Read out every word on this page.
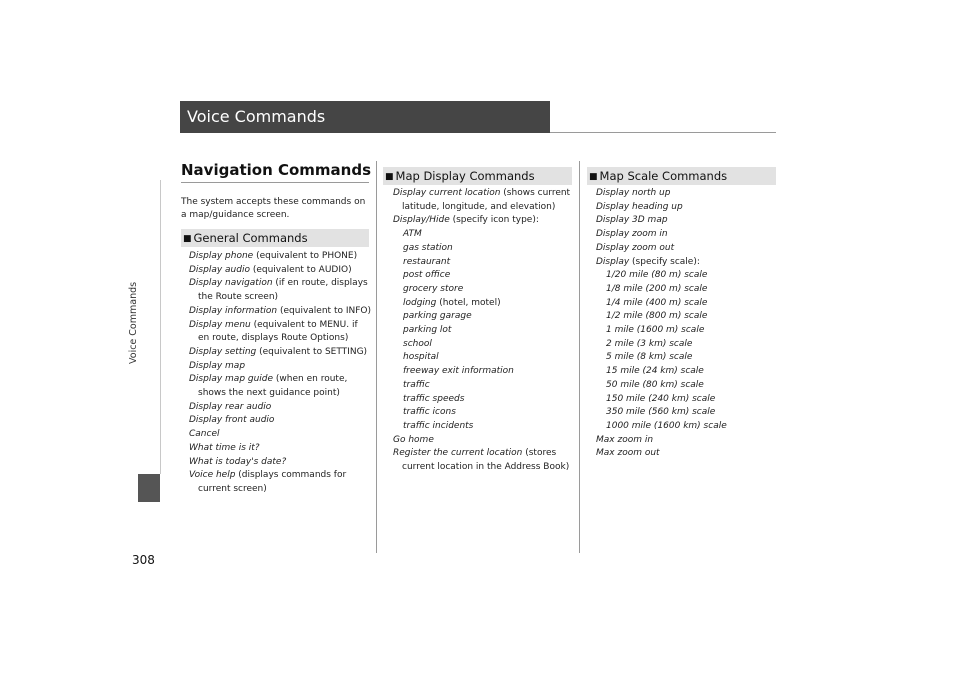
Voice Commands
Voice Commands
308
Navigation Commands
The system accepts these commands on a map/guidance screen.
■ General Commands
Display phone (equivalent to PHONE)
Display audio (equivalent to AUDIO)
Display navigation (if en route, displays the Route screen)
Display information (equivalent to INFO)
Display menu (equivalent to MENU. if en route, displays Route Options)
Display setting (equivalent to SETTING)
Display map
Display map guide (when en route, shows the next guidance point)
Display rear audio
Display front audio
Cancel
What time is it?
What is today's date?
Voice help (displays commands for current screen)
■ Map Display Commands
Display current location (shows current latitude, longitude, and elevation)
Display/Hide (specify icon type):
ATM
gas station
restaurant
post office
grocery store
lodging (hotel, motel)
parking garage
parking lot
school
hospital
freeway exit information
traffic
traffic speeds
traffic icons
traffic incidents
Go home
Register the current location (stores current location in the Address Book)
■ Map Scale Commands
Display north up
Display heading up
Display 3D map
Display zoom in
Display zoom out
Display (specify scale):
1/20 mile (80 m) scale
1/8 mile (200 m) scale
1/4 mile (400 m) scale
1/2 mile (800 m) scale
1 mile (1600 m) scale
2 mile (3 km) scale
5 mile (8 km) scale
15 mile (24 km) scale
50 mile (80 km) scale
150 mile (240 km) scale
350 mile (560 km) scale
1000 mile (1600 km) scale
Max zoom in
Max zoom out
